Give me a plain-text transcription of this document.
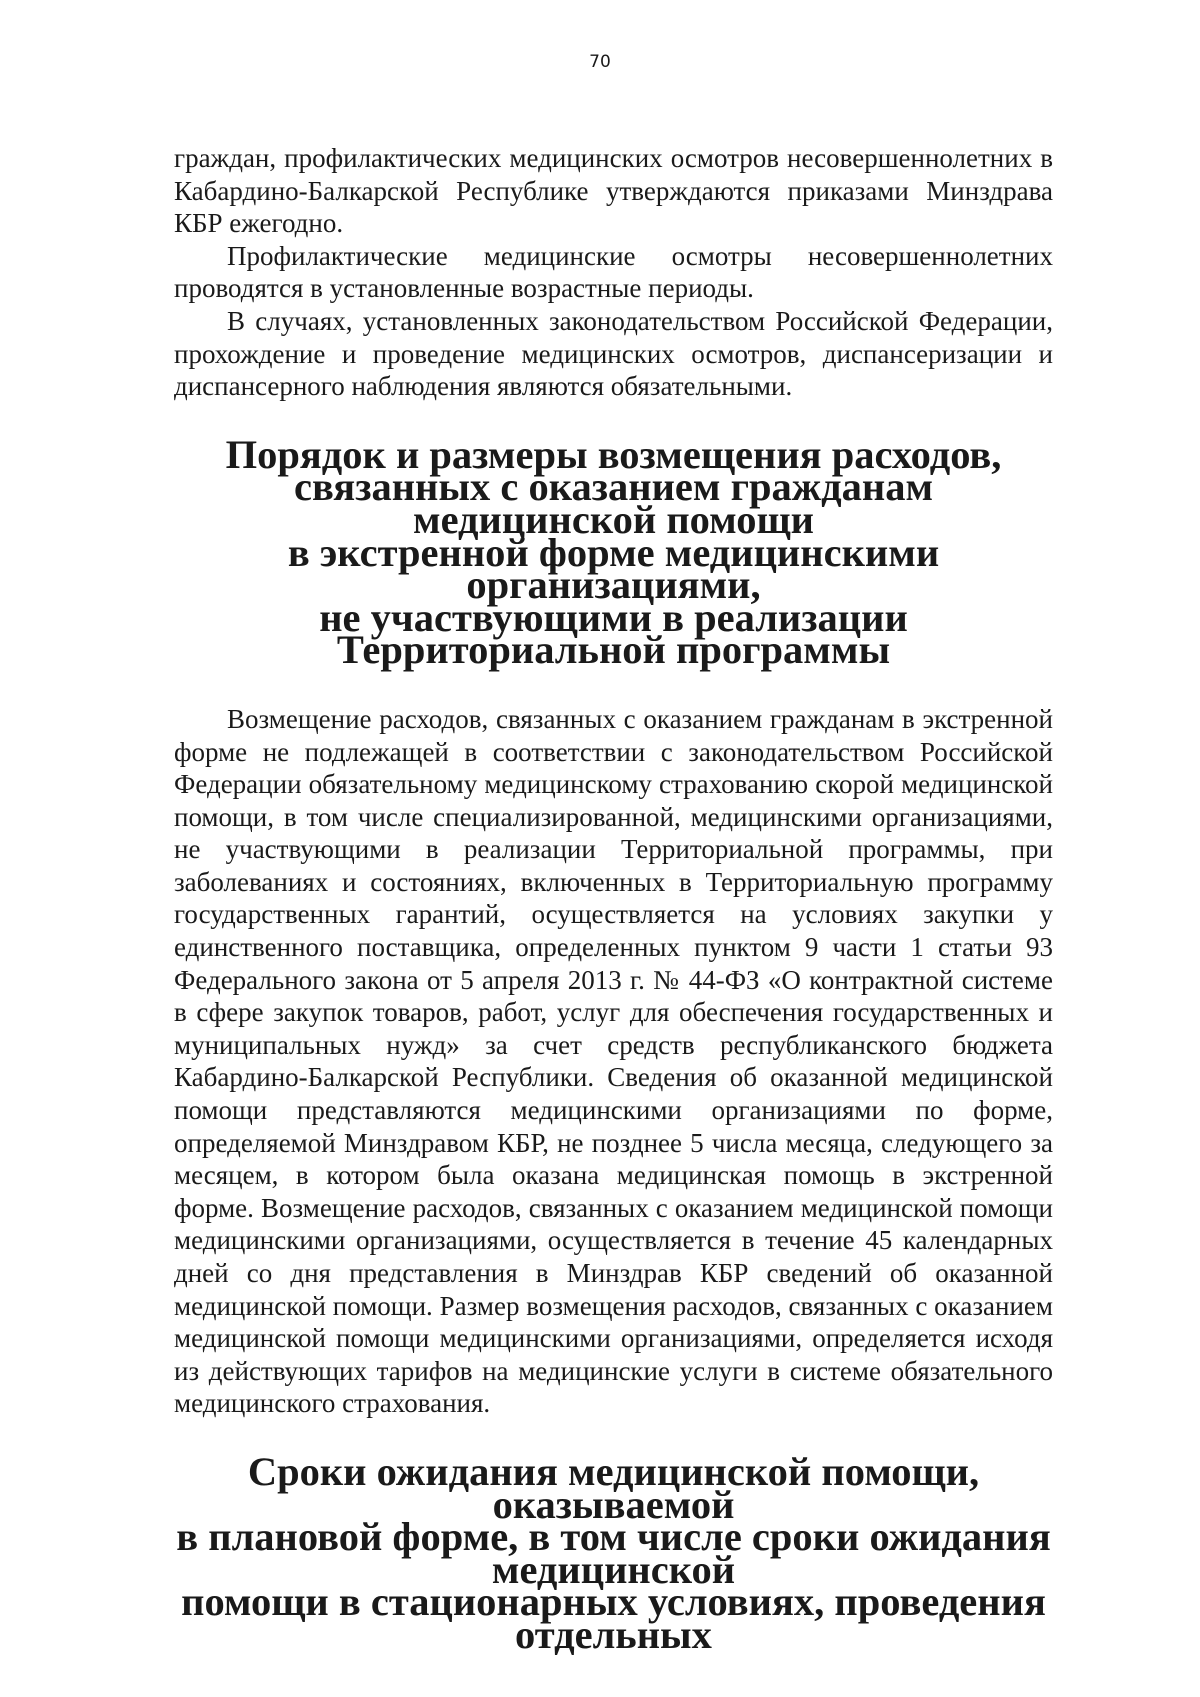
70

граждан, профилактических медицинских осмотров несовершеннолетних в Кабардино-Балкарской Республике утверждаются приказами Минздрава КБР ежегодно.

Профилактические медицинские осмотры несовершеннолетних проводятся в установленные возрастные периоды.

В случаях, установленных законодательством Российской Федерации, прохождение и проведение медицинских осмотров, диспансеризации и диспансерного наблюдения являются обязательными.

Порядок и размеры возмещения расходов,
связанных с оказанием гражданам медицинской помощи
в экстренной форме медицинскими организациями,
не участвующими в реализации Территориальной программы

Возмещение расходов, связанных с оказанием гражданам в экстренной форме не подлежащей в соответствии с законодательством Российской Федерации обязательному медицинскому страхованию скорой медицинской помощи, в том числе специализированной, медицинскими организациями, не участвующими в реализации Территориальной программы, при заболеваниях и состояниях, включенных в Территориальную программу государственных гарантий, осуществляется на условиях закупки у единственного поставщика, определенных пунктом 9 части 1 статьи 93 Федерального закона от 5 апреля 2013 г. № 44-ФЗ «О контрактной системе в сфере закупок товаров, работ, услуг для обеспечения государственных и муниципальных нужд» за счет средств республиканского бюджета Кабардино-Балкарской Республики. Сведения об оказанной медицинской помощи представляются медицинскими организациями по форме, определяемой Минздравом КБР, не позднее 5 числа месяца, следующего за месяцем, в котором была оказана медицинская помощь в экстренной форме. Возмещение расходов, связанных с оказанием медицинской помощи медицинскими организациями, осуществляется в течение 45 календарных дней со дня представления в Минздрав КБР сведений об оказанной медицинской помощи. Размер возмещения расходов, связанных с оказанием медицинской помощи медицинскими организациями, определяется исходя из действующих тарифов на медицинские услуги в системе обязательного медицинского страхования.

Сроки ожидания медицинской помощи, оказываемой
в плановой форме, в том числе сроки ожидания медицинской
помощи в стационарных условиях, проведения отдельных
